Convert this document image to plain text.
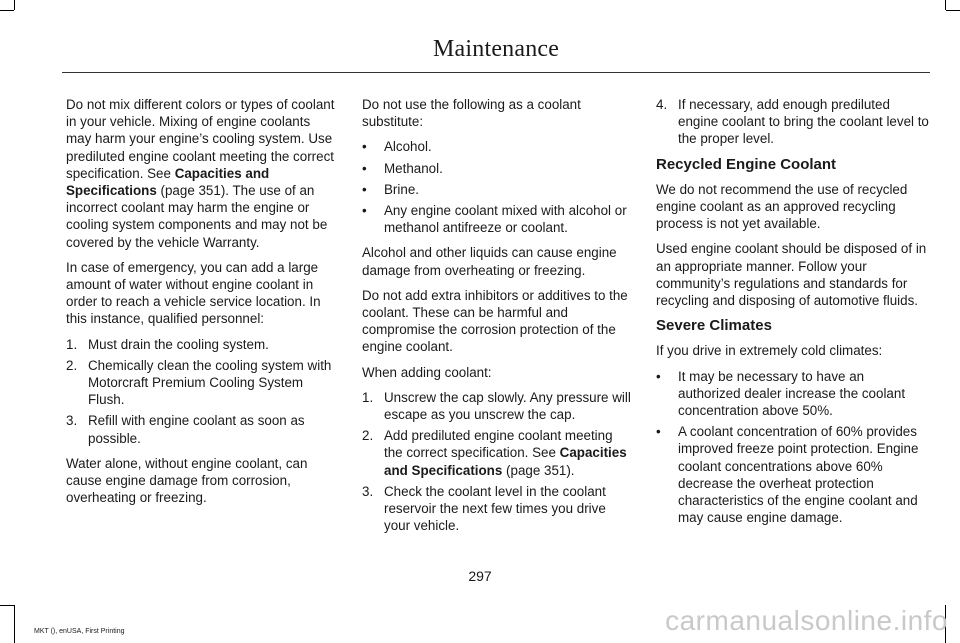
Maintenance

Do not mix different colors or types of coolant in your vehicle. Mixing of engine coolants may harm your engine’s cooling system. Use prediluted engine coolant meeting the correct specification. See Capacities and Specifications (page 351). The use of an incorrect coolant may harm the engine or cooling system components and may not be covered by the vehicle Warranty.

In case of emergency, you can add a large amount of water without engine coolant in order to reach a vehicle service location. In this instance, qualified personnel:

1. Must drain the cooling system.
2. Chemically clean the cooling system with Motorcraft Premium Cooling System Flush.
3. Refill with engine coolant as soon as possible.

Water alone, without engine coolant, can cause engine damage from corrosion, overheating or freezing.

Do not use the following as a coolant substitute:

• Alcohol.
• Methanol.
• Brine.
• Any engine coolant mixed with alcohol or methanol antifreeze or coolant.

Alcohol and other liquids can cause engine damage from overheating or freezing.

Do not add extra inhibitors or additives to the coolant. These can be harmful and compromise the corrosion protection of the engine coolant.

When adding coolant:

1. Unscrew the cap slowly. Any pressure will escape as you unscrew the cap.
2. Add prediluted engine coolant meeting the correct specification. See Capacities and Specifications (page 351).
3. Check the coolant level in the coolant reservoir the next few times you drive your vehicle.
4. If necessary, add enough prediluted engine coolant to bring the coolant level to the proper level.
Recycled Engine Coolant

We do not recommend the use of recycled engine coolant as an approved recycling process is not yet available.

Used engine coolant should be disposed of in an appropriate manner. Follow your community’s regulations and standards for recycling and disposing of automotive fluids.

Severe Climates

If you drive in extremely cold climates:

• It may be necessary to have an authorized dealer increase the coolant concentration above 50%.
• A coolant concentration of 60% provides improved freeze point protection. Engine coolant concentrations above 60% decrease the overheat protection characteristics of the engine coolant and may cause engine damage.
297
MKT (), enUSA, First Printing	carmanualsonline.info
